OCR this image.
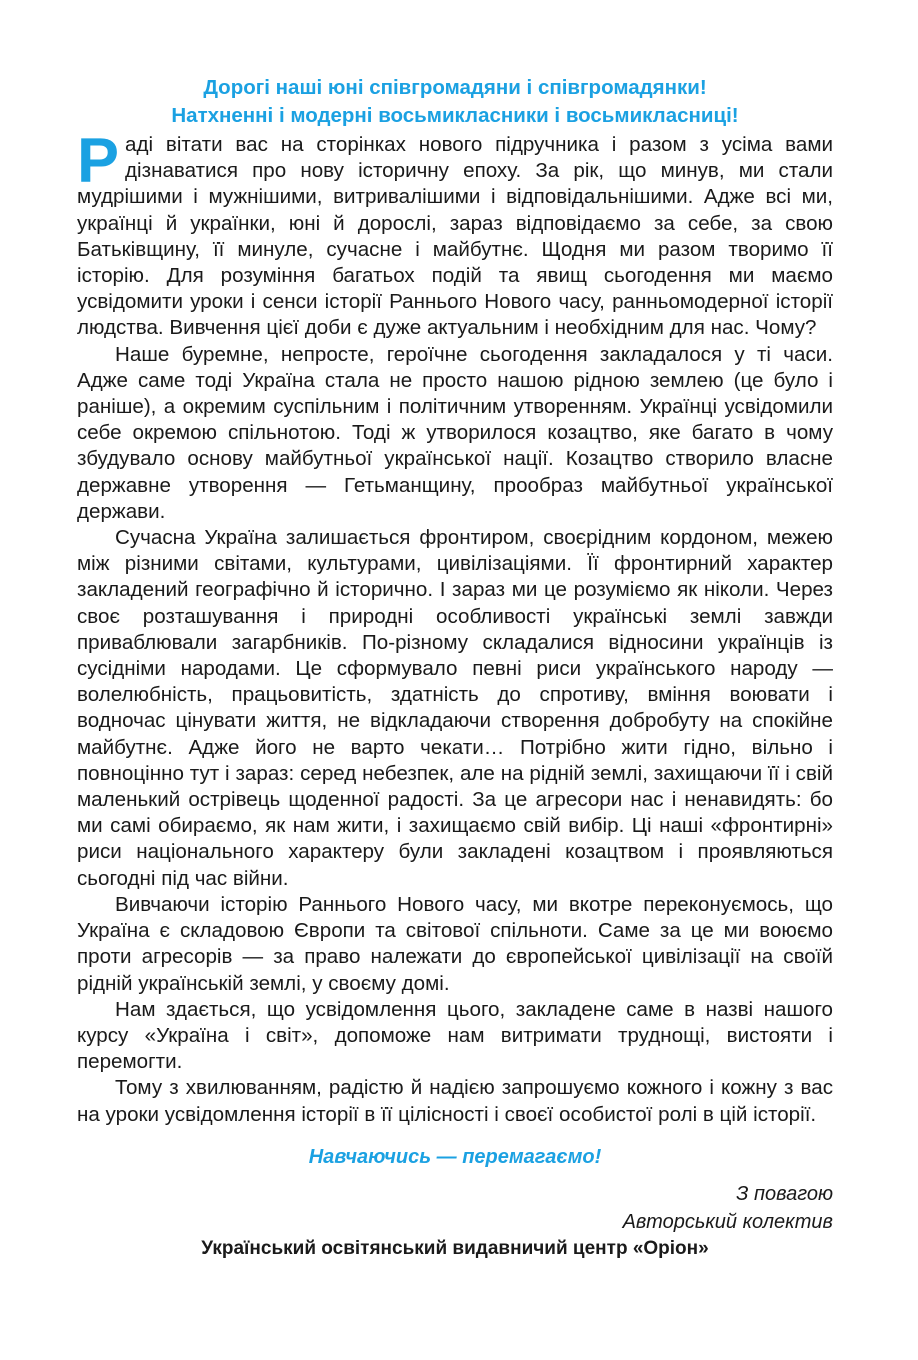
Дорогі наші юні співгромадяни і співгромадянки!
Натхненні і модерні восьмикласники і восьмикласниці!

Раді вітати вас на сторінках нового підручника і разом з усіма вами дізнаватися про нову історичну епоху. За рік, що минув, ми стали мудрішими і мужнішими, витривалішими і відповідальнішими. Адже всі ми, українці й українки, юні й дорослі, зараз відповідаємо за себе, за свою Батьківщину, її минуле, сучасне і майбутнє. Щодня ми разом творимо її історію. Для розуміння багатьох подій та явищ сьогодення ми маємо усвідомити уроки і сенси історії Раннього Нового часу, ранньомодерної історії людства. Вивчення цієї доби є дуже актуальним і необхідним для нас. Чому?

Наше буремне, непросте, героїчне сьогодення закладалося у ті часи. Адже саме тоді Україна стала не просто нашою рідною землею (це було і раніше), а окремим суспільним і політичним утворенням. Українці усвідомили себе окремою спільнотою. Тоді ж утворилося козацтво, яке багато в чому збудувало основу майбутньої української нації. Козацтво створило власне державне утворення — Гетьманщину, прообраз майбутньої української держави.

Сучасна Україна залишається фронтиром, своєрідним кордоном, межею між різними світами, культурами, цивілізаціями. Її фронтирний характер закладений географічно й історично. І зараз ми це розуміємо як ніколи. Через своє розташування і природні особливості українські землі завжди приваблювали загарбників. По-різному складалися відносини українців із сусідніми народами. Це сформувало певні риси українського народу — волелюбність, працьовитість, здатність до спротиву, вміння воювати і водночас цінувати життя, не відкладаючи створення добробуту на спокійне майбутнє. Адже його не варто чекати… Потрібно жити гідно, вільно і повноцінно тут і зараз: серед небезпек, але на рідній землі, захищаючи її і свій маленький острівець щоденної радості. За це агресори нас і ненавидять: бо ми самі обираємо, як нам жити, і захищаємо свій вибір. Ці наші «фронтирні» риси національного характеру були закладені козацтвом і проявляються сьогодні під час війни.

Вивчаючи історію Раннього Нового часу, ми вкотре переконуємось, що Україна є складовою Європи та світової спільноти. Саме за це ми воюємо проти агресорів — за право належати до європейської цивілізації на своїй рідній українській землі, у своєму домі.

Нам здається, що усвідомлення цього, закладене саме в назві нашого курсу «Україна і світ», допоможе нам витримати труднощі, вистояти і перемогти.

Тому з хвилюванням, радістю й надією запрошуємо кожного і кожну з вас на уроки усвідомлення історії в її цілісності і своєї особистої ролі в цій історії.

Навчаючись — перемагаємо!
З повагою
Авторський колектив
Український освітянський видавничий центр «Оріон»
